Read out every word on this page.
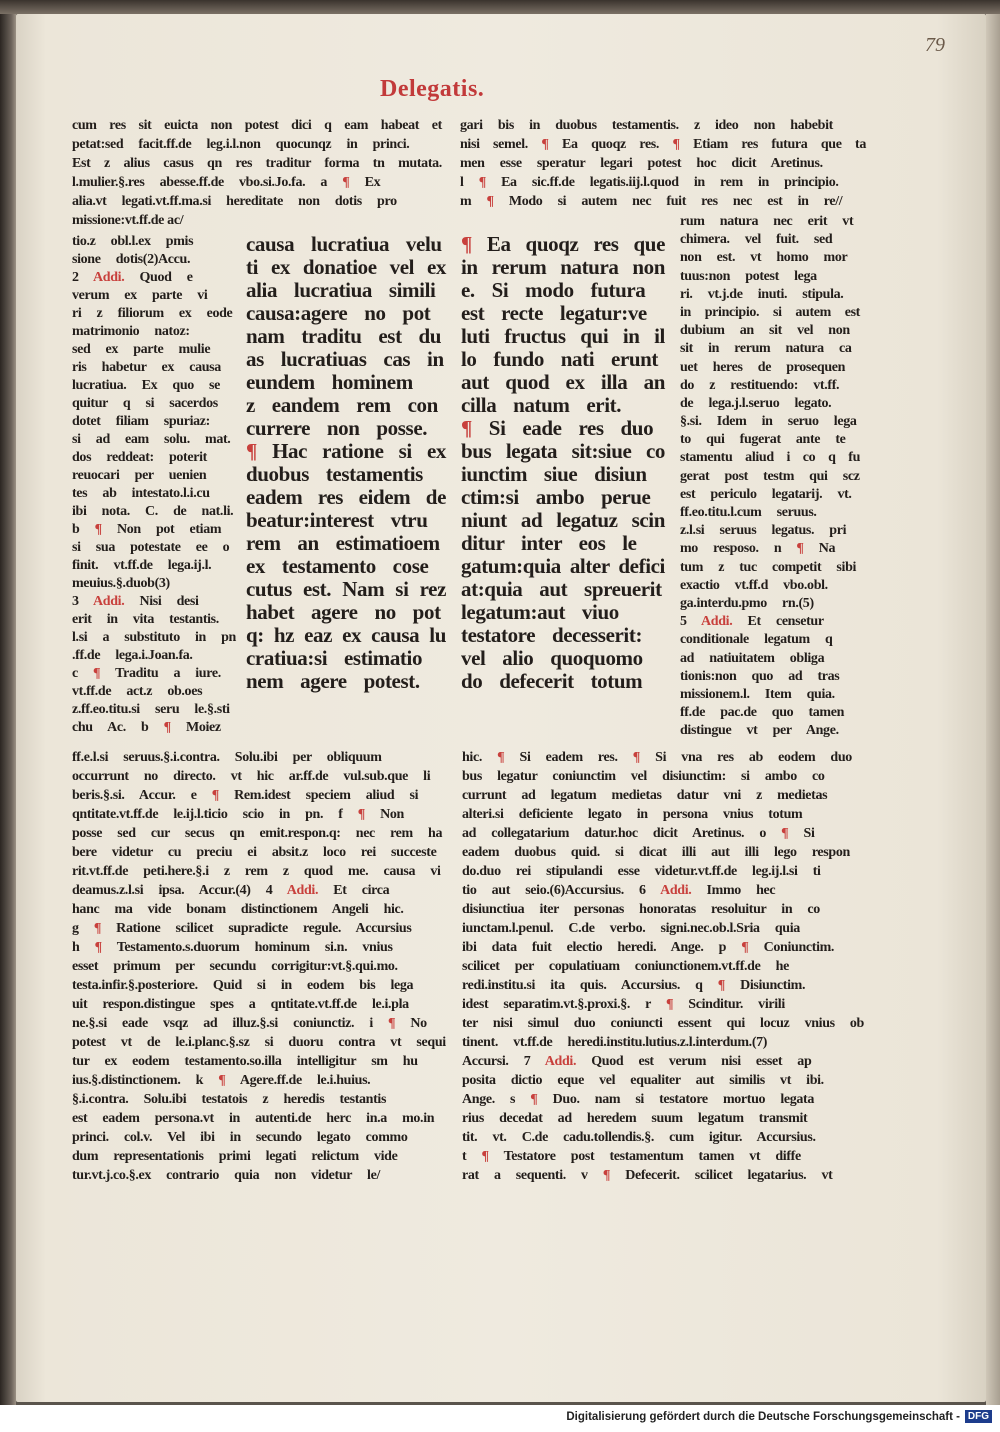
Delegatis.
79
cum res sit euicta non potest dici q eam habeat et
petat:sed facit.ff.de leg.i.l.non quocunqz in princi.
Est z alius casus qn res traditur forma tn mutata.
l.mulier.§.res abesse.ff.de vbo.si.Jo.fa. a ¶ Ex
alia.vt legati.vt.ff.ma.si hereditate non dotis pro
missione:vt.ff.de ac/
gari bis in duobus testamentis. z ideo non habebit
nisi semel. ¶ Ea quoqz res. ¶ Etiam res futura que ta
men esse speratur legari potest hoc dicit Aretinus.
l ¶ Ea sic.ff.de legatis.iij.l.quod in rem in principio.
m ¶ Modo si autem nec fuit res nec est in re//
tio.z obl.l.ex pmis
sione dotis(2)Accu.
2 Addi. Quod e
verum ex parte vi
ri z filiorum ex eode
matrimonio natoz:
sed ex parte mulie
ris habetur ex causa
lucratiua. Ex quo se
quitur q si sacerdos
dotet filiam spuriaz:
si ad eam solu. mat.
dos reddeat: poterit
reuocari per uenien
tes ab intestato.l.i.cu
ibi nota. C. de nat.li.
b ¶ Non pot etiam
si sua potestate ee o
finit. vt.ff.de lega.ij.l.
meuius.§.duob(3)
3 Addi. Nisi desi
erit in vita testantis.
l.si a substituto in pn
.ff.de lega.i.Joan.fa.
c ¶ Traditu a iure.
vt.ff.de act.z ob.oes
z.ff.eo.titu.si seru le.§.sti
chu Ac. b ¶ Moiez
causa lucratiua velu
ti ex donatioe vel ex
alia lucratiua simili
causa:agere no pot
nam traditu est du
as lucratiuas cas in
eundem hominem
z eandem rem con
currere non posse.
¶ Hac ratione si ex
duobus testamentis
eadem res eidem de
beatur:interest vtru
rem an estimatioem
ex testamento cose
cutus est. Nam si rez
habet agere no pot
q: hz eaz ex causa lu
cratiua:si estimatio
nem agere potest.
¶ Ea quoqz res que
in rerum natura non
e. Si modo futura
est recte legatur:ve
luti fructus qui in il
lo fundo nati erunt
aut quod ex illa an
cilla natum erit.
¶ Si eade res duo
bus legata sit:siue co
iunctim siue disiun
ctim:si ambo perue
niunt ad legatuz scin
ditur inter eos le
gatum:quia alter defici
at:quia aut spreuerit
legatum:aut viuo
testatore decesserit:
vel alio quoquomo
do defecerit totum
rum natura nec erit vt
chimera. vel fuit. sed
non est. vt homo mor
tuus:non potest lega
ri. vt.j.de inuti. stipula.
in principio. si autem est
dubium an sit vel non
sit in rerum natura ca
uet heres de prosequen
do z restituendo: vt.ff.
de lega.j.l.seruo legato.
§.si. Idem in seruo lega
to qui fugerat ante te
stamentu aliud i co q fu
gerat post testm qui scz
est periculo legatarij. vt.
ff.eo.titu.l.cum seruus.
z.l.si seruus legatus. pri
mo resposo. n ¶ Na
tum z tuc competit sibi
exactio vt.ff.d vbo.obl.
ga.interdu.pmo rn.(5)
5 Addi. Et censetur
conditionale legatum q
ad natiuitatem obliga
tionis:non quo ad tras
missionem.l. Item quia.
ff.de pac.de quo tamen
distingue vt per Ange.
ff.e.l.si seruus.§.i.contra. Solu.ibi per obliquum
occurrunt no directo. vt hic ar.ff.de vul.sub.que li
beris.§.si. Accur. e ¶ Rem.idest speciem aliud si
qntitate.vt.ff.de le.ij.l.ticio scio in pn. f ¶ Non
posse sed cur secus qn emit.respon.q: nec rem ha
bere videtur cu preciu ei absit.z loco rei succeste
rit.vt.ff.de peti.here.§.i z rem z quod me. causa vi
deamus.z.l.si ipsa. Accur.(4) 4 Addi. Et circa
hanc ma vide bonam distinctionem Angeli hic.
g ¶ Ratione scilicet supradicte regule. Accursius
h ¶ Testamento.s.duorum hominum si.n. vnius
esset primum per secundu corrigitur:vt.§.qui.mo.
testa.infir.§.posteriore. Quid si in eodem bis lega
uit respon.distingue spes a qntitate.vt.ff.de le.i.pla
ne.§.si eade vsqz ad illuz.§.si coniunctiz. i ¶ No
potest vt de le.i.planc.§.sz si duoru contra vt sequi
tur ex eodem testamento.so.illa intelligitur sm hu
ius.§.distinctionem. k ¶ Agere.ff.de le.i.huius.
§.i.contra. Solu.ibi testatois z heredis testantis
est eadem persona.vt in autenti.de herc in.a mo.in
princi. col.v. Vel ibi in secundo legato commo
dum representationis primi legati relictum vide
tur.vt.j.co.§.ex contrario quia non videtur le/
hic. ¶ Si eadem res. ¶ Si vna res ab eodem duo
bus legatur coniunctim vel disiunctim: si ambo co
currunt ad legatum medietas datur vni z medietas
alteri.si deficiente legato in persona vnius totum
ad collegatarium datur.hoc dicit Aretinus. o ¶ Si
eadem duobus quid. si dicat illi aut illi lego respon
do.duo rei stipulandi esse videtur.vt.ff.de leg.ij.l.si ti
tio aut seio.(6)Accursius. 6 Addi. Immo hec
disiunctiua iter personas honoratas resoluitur in co
iunctam.l.penul. C.de verbo. signi.nec.ob.l.Sria quia
ibi data fuit electio heredi. Ange. p ¶ Coniunctim.
scilicet per copulatiuam coniunctionem.vt.ff.de he
redi.institu.si ita quis. Accursius. q ¶ Disiunctim.
idest separatim.vt.§.proxi.§. r ¶ Scinditur. virili
ter nisi simul duo coniuncti essent qui locuz vnius ob
tinent. vt.ff.de heredi.institu.lutius.z.l.interdum.(7)
Accursi. 7 Addi. Quod est verum nisi esset ap
posita dictio eque vel equaliter aut similis vt ibi.
Ange. s ¶ Duo. nam si testatore mortuo legata
rius decedat ad heredem suum legatum transmit
tit. vt. C.de cadu.tollendis.§. cum igitur. Accursius.
t ¶ Testatore post testamentum tamen vt diffe
rat a sequenti. v ¶ Defecerit. scilicet legatarius. vt
Digitalisierung gefördert durch die Deutsche Forschungsgemeinschaft - DFG
